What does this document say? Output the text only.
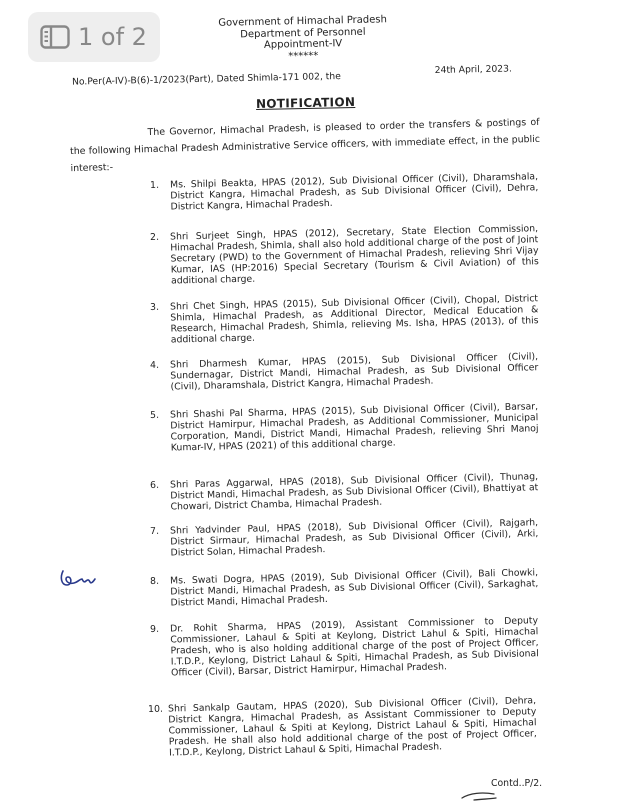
1 of 2
Government of Himachal Pradesh
Department of Personnel
Appointment-IV
******
No.Per(A-IV)-B(6)-1/2023(Part), Dated Shimla-171 002, the
24th April, 2023.
NOTIFICATION
The Governor, Himachal Pradesh, is pleased to order the transfers & postings of the following Himachal Pradesh Administrative Service officers, with immediate effect, in the public interest:-
1. Ms. Shilpi Beakta, HPAS (2012), Sub Divisional Officer (Civil), Dharamshala, District Kangra, Himachal Pradesh, as Sub Divisional Officer (Civil), Dehra, District Kangra, Himachal Pradesh.
2. Shri Surjeet Singh, HPAS (2012), Secretary, State Election Commission, Himachal Pradesh, Shimla, shall also hold additional charge of the post of Joint Secretary (PWD) to the Government of Himachal Pradesh, relieving Shri Vijay Kumar, IAS (HP:2016) Special Secretary (Tourism & Civil Aviation) of this additional charge.
3. Shri Chet Singh, HPAS (2015), Sub Divisional Officer (Civil), Chopal, District Shimla, Himachal Pradesh, as Additional Director, Medical Education & Research, Himachal Pradesh, Shimla, relieving Ms. Isha, HPAS (2013), of this additional charge.
4. Shri Dharmesh Kumar, HPAS (2015), Sub Divisional Officer (Civil), Sundernagar, District Mandi, Himachal Pradesh, as Sub Divisional Officer (Civil), Dharamshala, District Kangra, Himachal Pradesh.
5. Shri Shashi Pal Sharma, HPAS (2015), Sub Divisional Officer (Civil), Barsar, District Hamirpur, Himachal Pradesh, as Additional Commissioner, Municipal Corporation, Mandi, District Mandi, Himachal Pradesh, relieving Shri Manoj Kumar-IV, HPAS (2021) of this additional charge.
6. Shri Paras Aggarwal, HPAS (2018), Sub Divisional Officer (Civil), Thunag, District Mandi, Himachal Pradesh, as Sub Divisional Officer (Civil), Bhattiyat at Chowari, District Chamba, Himachal Pradesh.
7. Shri Yadvinder Paul, HPAS (2018), Sub Divisional Officer (Civil), Rajgarh, District Sirmaur, Himachal Pradesh, as Sub Divisional Officer (Civil), Arki, District Solan, Himachal Pradesh.
8. Ms. Swati Dogra, HPAS (2019), Sub Divisional Officer (Civil), Bali Chowki, District Mandi, Himachal Pradesh, as Sub Divisional Officer (Civil), Sarkaghat, District Mandi, Himachal Pradesh.
9. Dr. Rohit Sharma, HPAS (2019), Assistant Commissioner to Deputy Commissioner, Lahaul & Spiti at Keylong, District Lahul & Spiti, Himachal Pradesh, who is also holding additional charge of the post of Project Officer, I.T.D.P., Keylong, District Lahaul & Spiti, Himachal Pradesh, as Sub Divisional Officer (Civil), Barsar, District Hamirpur, Himachal Pradesh.
10. Shri Sankalp Gautam, HPAS (2020), Sub Divisional Officer (Civil), Dehra, District Kangra, Himachal Pradesh, as Assistant Commissioner to Deputy Commissioner, Lahaul & Spiti at Keylong, District Lahaul & Spiti, Himachal Pradesh. He shall also hold additional charge of the post of Project Officer, I.T.D.P., Keylong, District Lahaul & Spiti, Himachal Pradesh.
Contd..P/2.
